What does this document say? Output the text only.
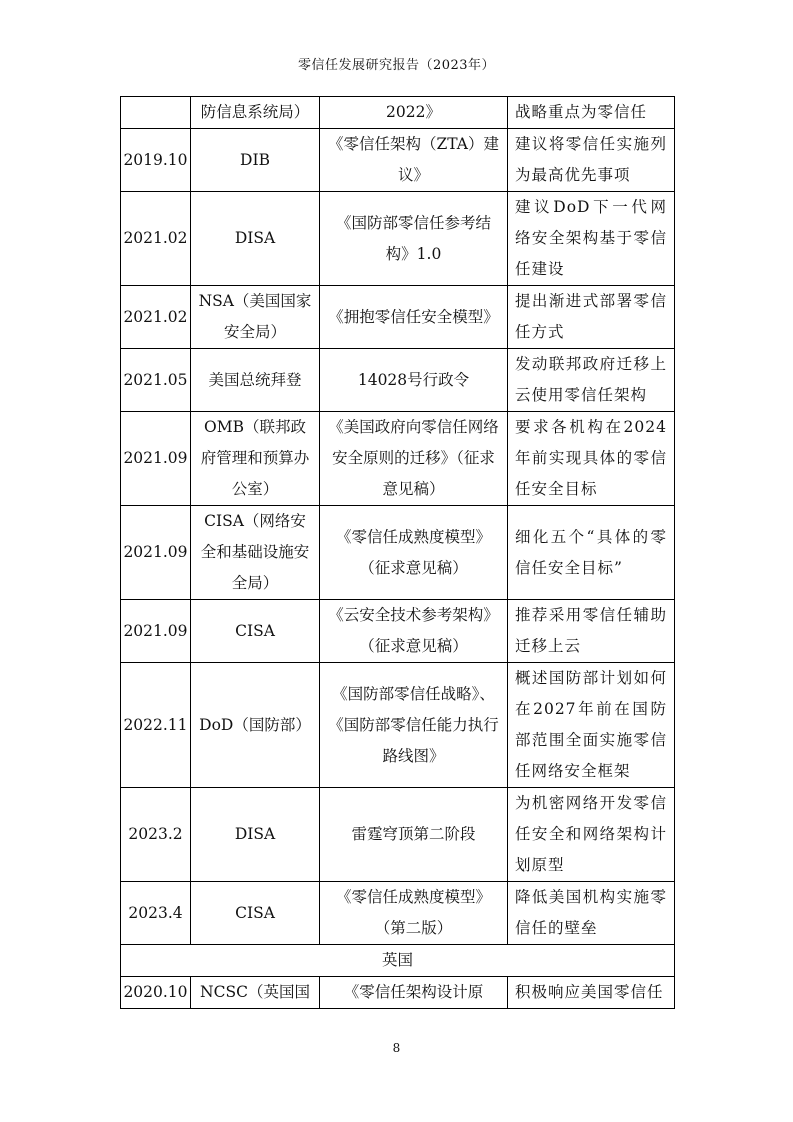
零信任发展研究报告（2023年）
	防信息系统局）	2022》	战略重点为零信任
2019.10	DIB	《零信任架构（ZTA）建议》	建议将零信任实施列为最高优先事项
2021.02	DISA	《国防部零信任参考结构》1.0	建议DoD下一代网络安全架构基于零信任建设
2021.02	NSA（美国国家安全局）	《拥抱零信任安全模型》	提出渐进式部署零信任方式
2021.05	美国总统拜登	14028号行政令	发动联邦政府迁移上云使用零信任架构
2021.09	OMB（联邦政府管理和预算办公室）	《美国政府向零信任网络安全原则的迁移》（征求意见稿）	要求各机构在2024年前实现具体的零信任安全目标
2021.09	CISA（网络安全和基础设施安全局）	《零信任成熟度模型》（征求意见稿）	细化五个“具体的零信任安全目标”
2021.09	CISA	《云安全技术参考架构》（征求意见稿）	推荐采用零信任辅助迁移上云
2022.11	DoD（国防部）	《国防部零信任战略》、《国防部零信任能力执行路线图》	概述国防部计划如何在2027年前在国防部范围全面实施零信任网络安全框架
2023.2	DISA	雷霆穹顶第二阶段	为机密网络开发零信任安全和网络架构计划原型
2023.4	CISA	《零信任成熟度模型》（第二版）	降低美国机构实施零信任的壁垒
英国			
2020.10	NCSC（英国国	《零信任架构设计原	积极响应美国零信任
8
